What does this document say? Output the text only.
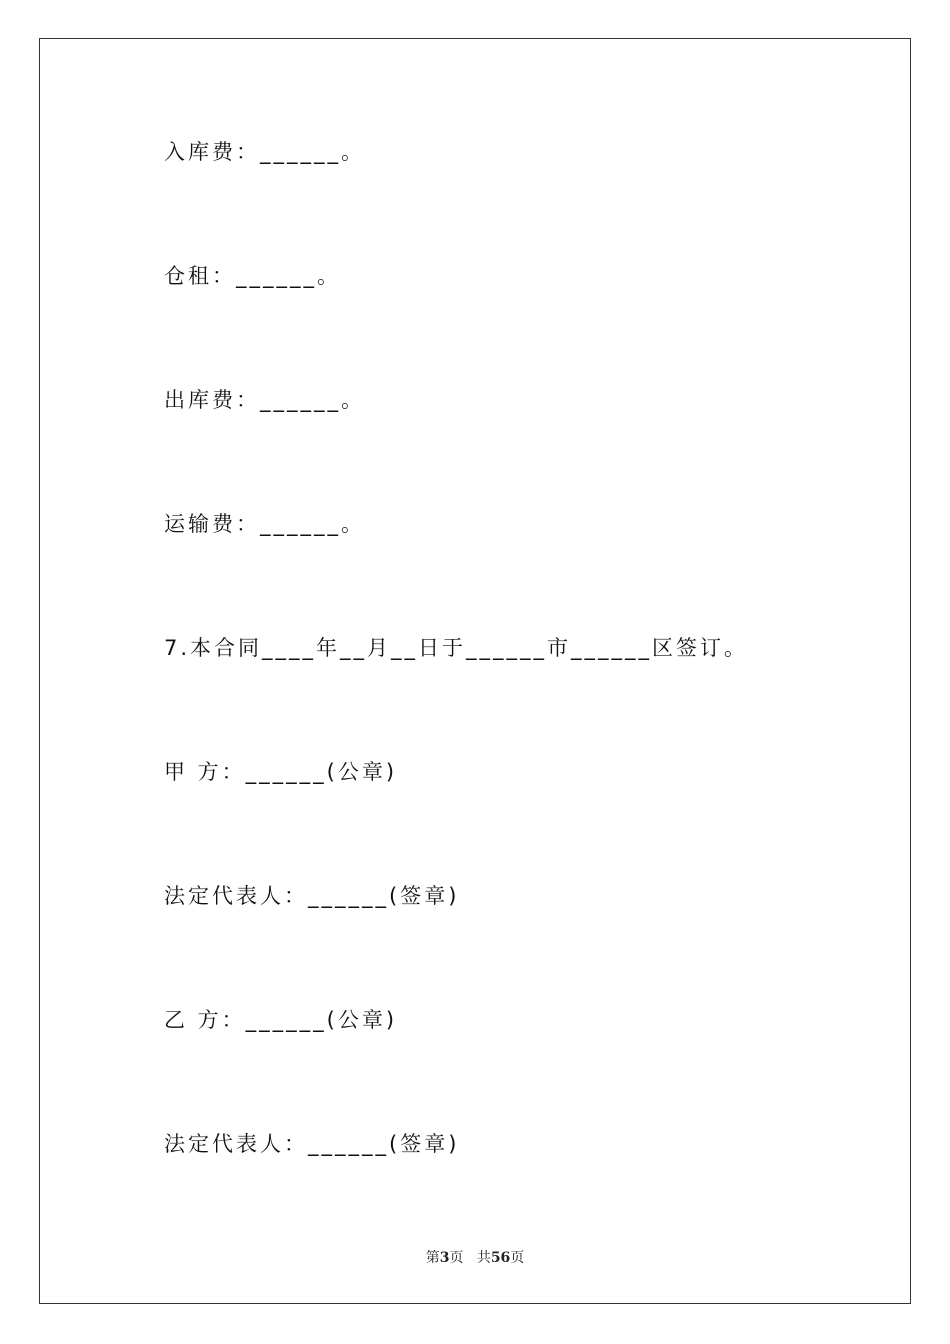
入库费：______。
仓租：______。
出库费：______。
运输费：______。
7.本合同____年__月__日于______市______区签订。
甲 方：______(公章)
法定代表人：______(签章)
乙 方：______(公章)
法定代表人：______(签章)
第3页 共56页
